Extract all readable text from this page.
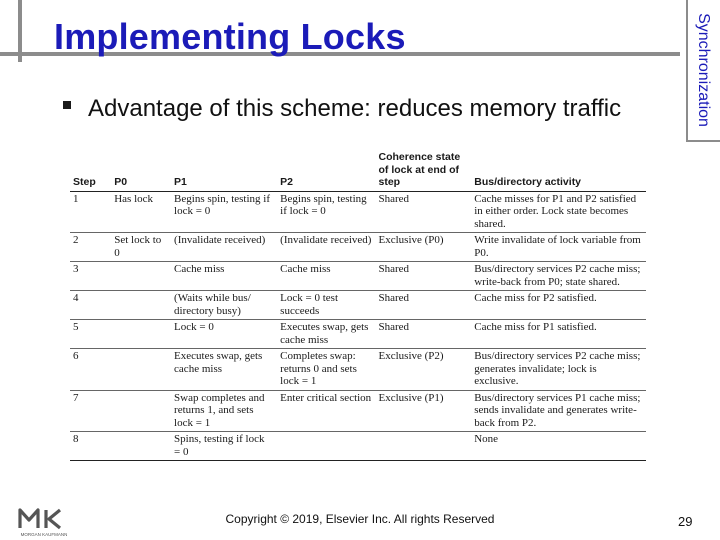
Implementing Locks	Synchronization
Advantage of this scheme: reduces memory traffic
Step	P0	P1	P2	Coherence state of lock at end of step	Bus/directory activity
1	Has lock	Begins spin, testing if lock = 0	Begins spin, testing if lock = 0	Shared	Cache misses for P1 and P2 satisfied in either order. Lock state becomes shared.
2	Set lock to 0	(Invalidate received)	(Invalidate received)	Exclusive (P0)	Write invalidate of lock variable from P0.
3		Cache miss	Cache miss	Shared	Bus/directory services P2 cache miss; write-back from P0; state shared.
4		(Waits while bus/ directory busy)	Lock = 0 test succeeds	Shared	Cache miss for P2 satisfied.
5		Lock = 0	Executes swap, gets cache miss	Shared	Cache miss for P1 satisfied.
6		Executes swap, gets cache miss	Completes swap: returns 0 and sets lock = 1	Exclusive (P2)	Bus/directory services P2 cache miss; generates invalidate; lock is exclusive.
7		Swap completes and returns 1, and sets lock = 1	Enter critical section	Exclusive (P1)	Bus/directory services P1 cache miss; sends invalidate and generates write-back from P2.
8		Spins, testing if lock = 0			None
MORGAN KAUFMANN
Copyright © 2019, Elsevier Inc. All rights Reserved	29
